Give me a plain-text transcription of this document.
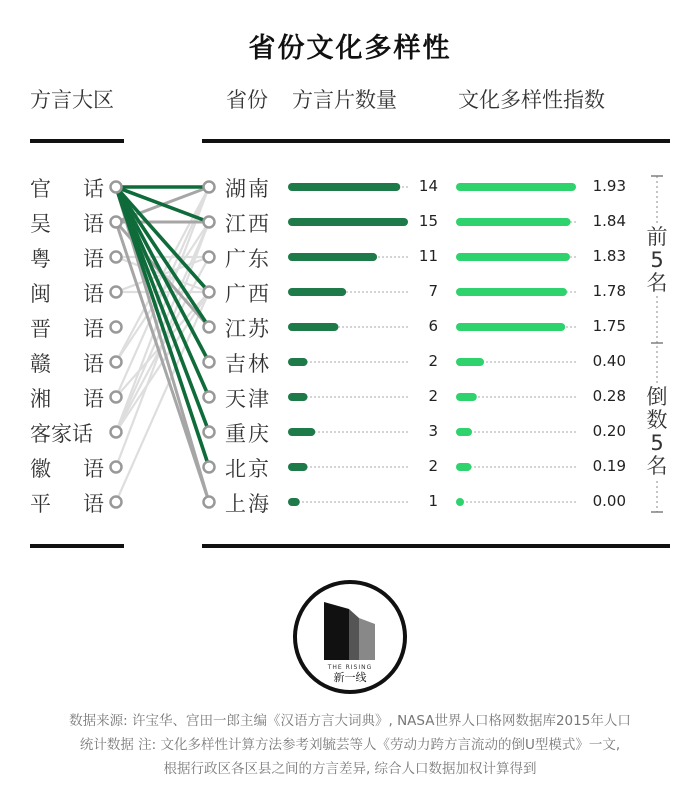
省份文化多样性
方言大区	省份 方言片数量	文化多样性指数
官 话
吴 语
粤 语
闽 语
晋 语
赣 语
湘 语
客家话
徽 语
平 语
湖南	14	1.93
江西	15	1.84
广东	11	1.83
广西	7	1.78
江苏	6	1.75
吉林	2	0.40
天津	2	0.28
重庆	3	0.20
北京	2	0.19
上海	1	0.00
前
5
名
倒
数
5
名
THE RISING
新一线
数据来源: 许宝华、宫田一郎主编《汉语方言大词典》, NASA世界人口格网数据库2015年人口
统计数据 注: 文化多样性计算方法参考刘毓芸等人《劳动力跨方言流动的倒U型模式》一文,
根据行政区各区县之间的方言差异, 综合人口数据加权计算得到
